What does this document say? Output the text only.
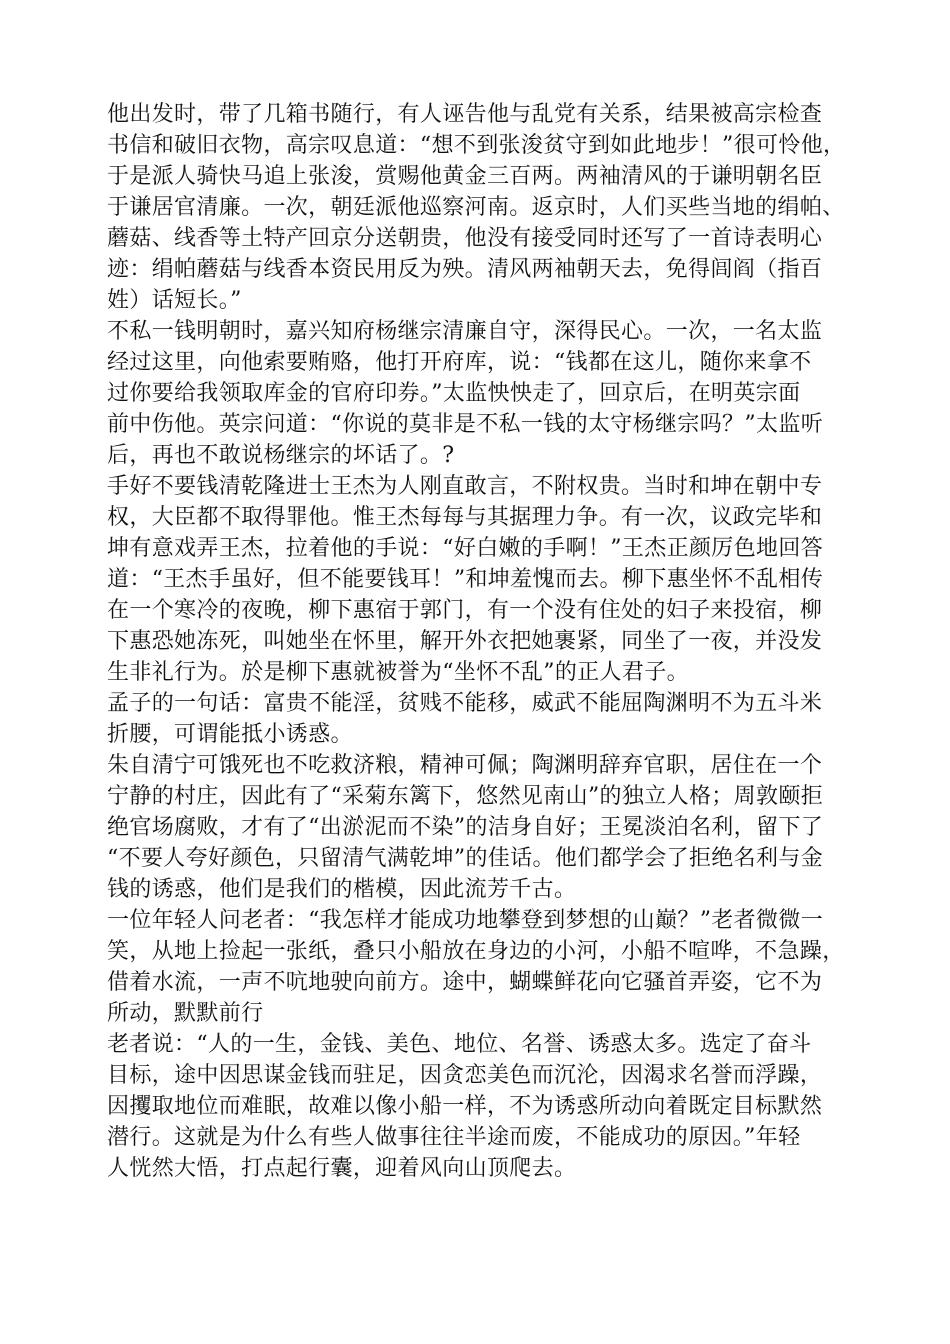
他出发时，带了几箱书随行，有人诬告他与乱党有关系，结果被高宗检查
书信和破旧衣物，高宗叹息道：“想不到张浚贫守到如此地步！”很可怜他，
于是派人骑快马追上张浚，赏赐他黄金三百两。两袖清风的于谦明朝名臣
于谦居官清廉。一次，朝廷派他巡察河南。返京时，人们买些当地的绢帕、
蘑菇、线香等土特产回京分送朝贵，他没有接受同时还写了一首诗表明心
迹：绢帕蘑菇与线香本资民用反为殃。清风两袖朝天去，免得闾阎（指百
姓）话短长。”
不私一钱明朝时，嘉兴知府杨继宗清廉自守，深得民心。一次，一名太监
经过这里，向他索要贿赂，他打开府库，说：“钱都在这儿，随你来拿不
过你要给我领取库金的官府印券。”太监怏怏走了，回京后，在明英宗面
前中伤他。英宗问道：“你说的莫非是不私一钱的太守杨继宗吗？”太监听
后，再也不敢说杨继宗的坏话了。?
手好不要钱清乾隆进士王杰为人刚直敢言，不附权贵。当时和坤在朝中专
权，大臣都不取得罪他。惟王杰每每与其据理力争。有一次，议政完毕和
坤有意戏弄王杰，拉着他的手说：“好白嫩的手啊！”王杰正颜厉色地回答
道：“王杰手虽好，但不能要钱耳！”和坤羞愧而去。柳下惠坐怀不乱相传
在一个寒冷的夜晚，柳下惠宿于郭门，有一个没有住处的妇子来投宿，柳
下惠恐她冻死，叫她坐在怀里，解开外衣把她裹紧，同坐了一夜，并没发
生非礼行为。於是柳下惠就被誉为“坐怀不乱”的正人君子。
孟子的一句话：富贵不能淫，贫贱不能移，威武不能屈陶渊明不为五斗米
折腰，可谓能抵小诱惑。
朱自清宁可饿死也不吃救济粮，精神可佩；陶渊明辞弃官职，居住在一个
宁静的村庄，因此有了“采菊东篱下，悠然见南山”的独立人格；周敦颐拒
绝官场腐败，才有了“出淤泥而不染”的洁身自好；王冕淡泊名利，留下了
“不要人夸好颜色，只留清气满乾坤”的佳话。他们都学会了拒绝名利与金
钱的诱惑，他们是我们的楷模，因此流芳千古。
一位年轻人问老者：“我怎样才能成功地攀登到梦想的山巅？”老者微微一
笑，从地上捡起一张纸，叠只小船放在身边的小河，小船不喧哗，不急躁，
借着水流，一声不吭地驶向前方。途中，蝴蝶鲜花向它骚首弄姿，它不为
所动，默默前行
老者说：“人的一生，金钱、美色、地位、名誉、诱惑太多。选定了奋斗
目标，途中因思谋金钱而驻足，因贪恋美色而沉沦，因渴求名誉而浮躁，
因攫取地位而难眠，故难以像小船一样，不为诱惑所动向着既定目标默然
潜行。这就是为什么有些人做事往往半途而废，不能成功的原因。”年轻
人恍然大悟，打点起行囊，迎着风向山顶爬去。
